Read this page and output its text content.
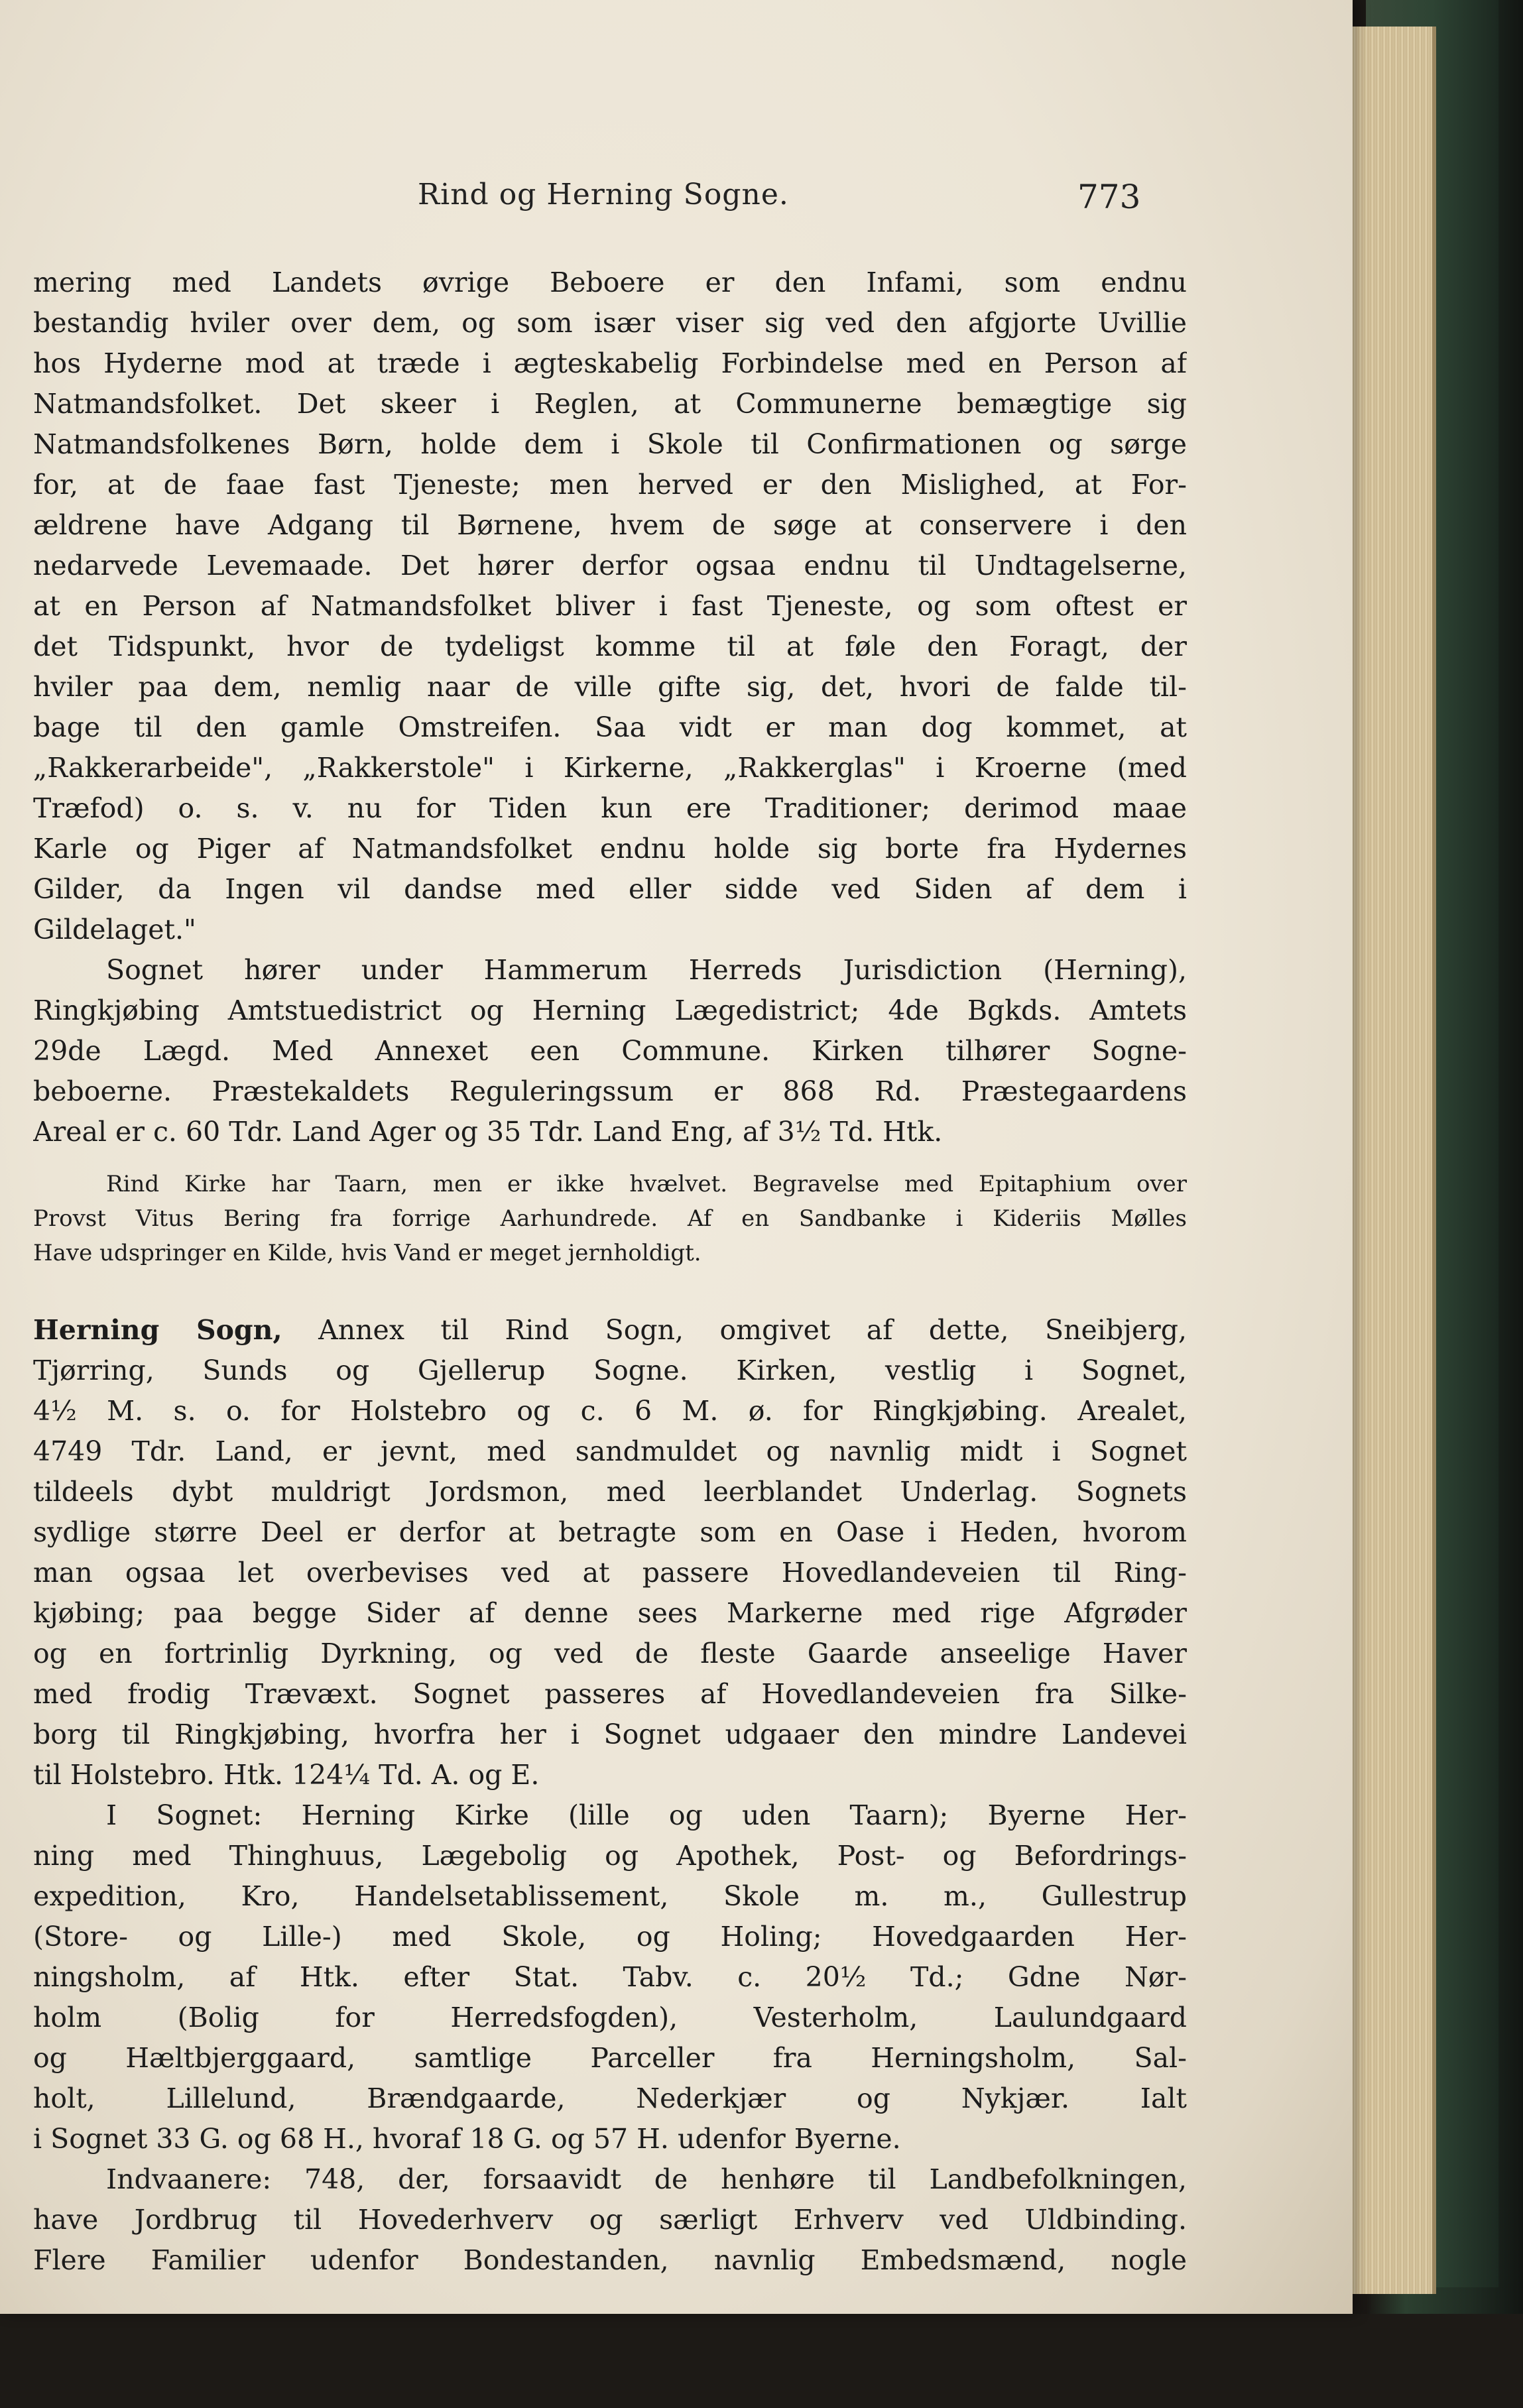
Rind og Herning Sogne.	773
mering med Landets øvrige Beboere er den Infami, som endnu
bestandig hviler over dem, og som især viser sig ved den afgjorte Uvillie
hos Hyderne mod at træde i ægteskabelig Forbindelse med en Person af
Natmandsfolket. Det skeer i Reglen, at Communerne bemægtige sig
Natmandsfolkenes Børn, holde dem i Skole til Confirmationen og sørge
for, at de faae fast Tjeneste; men herved er den Mislighed, at For-
ældrene have Adgang til Børnene, hvem de søge at conservere i den
nedarvede Levemaade. Det hører derfor ogsaa endnu til Undtagelserne,
at en Person af Natmandsfolket bliver i fast Tjeneste, og som oftest er
det Tidspunkt, hvor de tydeligst komme til at føle den Foragt, der
hviler paa dem, nemlig naar de ville gifte sig, det, hvori de falde til-
bage til den gamle Omstreifen. Saa vidt er man dog kommet, at
„Rakkerarbeide", „Rakkerstole" i Kirkerne, „Rakkerglas" i Kroerne (med
Træfod) o. s. v. nu for Tiden kun ere Traditioner; derimod maae
Karle og Piger af Natmandsfolket endnu holde sig borte fra Hydernes
Gilder, da Ingen vil dandse med eller sidde ved Siden af dem i
Gildelaget."
Sognet hører under Hammerum Herreds Jurisdiction (Herning),
Ringkjøbing Amtstuedistrict og Herning Lægedistrict; 4de Bgkds. Amtets
29de Lægd. Med Annexet een Commune. Kirken tilhører Sogne-
beboerne. Præstekaldets Reguleringssum er 868 Rd. Præstegaardens
Areal er c. 60 Tdr. Land Ager og 35 Tdr. Land Eng, af 3½ Td. Htk.
Rind Kirke har Taarn, men er ikke hvælvet. Begravelse med Epitaphium over
Provst Vitus Bering fra forrige Aarhundrede. Af en Sandbanke i Kideriis Mølles
Have udspringer en Kilde, hvis Vand er meget jernholdigt.
Herning Sogn, Annex til Rind Sogn, omgivet af dette, Sneibjerg,
Tjørring, Sunds og Gjellerup Sogne. Kirken, vestlig i Sognet,
4½ M. s. o. for Holstebro og c. 6 M. ø. for Ringkjøbing. Arealet,
4749 Tdr. Land, er jevnt, med sandmuldet og navnlig midt i Sognet
tildeels dybt muldrigt Jordsmon, med leerblandet Underlag. Sognets
sydlige større Deel er derfor at betragte som en Oase i Heden, hvorom
man ogsaa let overbevises ved at passere Hovedlandeveien til Ring-
kjøbing; paa begge Sider af denne sees Markerne med rige Afgrøder
og en fortrinlig Dyrkning, og ved de fleste Gaarde anseelige Haver
med frodig Trævæxt. Sognet passeres af Hovedlandeveien fra Silke-
borg til Ringkjøbing, hvorfra her i Sognet udgaaer den mindre Landevei
til Holstebro. Htk. 124¼ Td. A. og E.
I Sognet: Herning Kirke (lille og uden Taarn); Byerne Her-
ning med Thinghuus, Lægebolig og Apothek, Post- og Befordrings-
expedition, Kro, Handelsetablissement, Skole m. m., Gullestrup
(Store- og Lille-) med Skole, og Holing; Hovedgaarden Her-
ningsholm, af Htk. efter Stat. Tabv. c. 20½ Td.; Gdne Nør-
holm (Bolig for Herredsfogden), Vesterholm, Laulundgaard
og Hæltbjerggaard, samtlige Parceller fra Herningsholm, Sal-
holt, Lillelund, Brændgaarde, Nederkjær og Nykjær. Ialt
i Sognet 33 G. og 68 H., hvoraf 18 G. og 57 H. udenfor Byerne.
Indvaanere: 748, der, forsaavidt de henhøre til Landbefolkningen,
have Jordbrug til Hovederhverv og særligt Erhverv ved Uldbinding.
Flere Familier udenfor Bondestanden, navnlig Embedsmænd, nogle
